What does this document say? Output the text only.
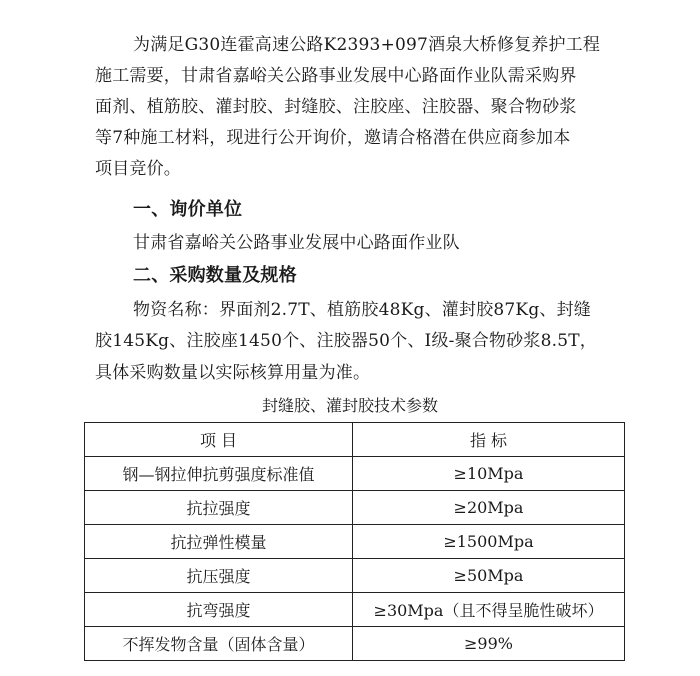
为满足G30连霍高速公路K2393+097酒泉大桥修复养护工程
施工需要，甘肃省嘉峪关公路事业发展中心路面作业队需采购界
面剂、植筋胶、灌封胶、封缝胶、注胶座、注胶器、聚合物砂浆
等7种施工材料，现进行公开询价，邀请合格潜在供应商参加本
项目竞价。
一、询价单位
甘肃省嘉峪关公路事业发展中心路面作业队
二、采购数量及规格
物资名称：界面剂2.7T、植筋胶48Kg、灌封胶87Kg、封缝
胶145Kg、注胶座1450个、注胶器50个、Ⅰ级-聚合物砂浆8.5T，
具体采购数量以实际核算用量为准。
封缝胶、灌封胶技术参数
项 目	指 标
钢—钢拉伸抗剪强度标准值	≥10Mpa
抗拉强度	≥20Mpa
抗拉弹性模量	≥1500Mpa
抗压强度	≥50Mpa
抗弯强度	≥30Mpa（且不得呈脆性破坏）
不挥发物含量（固体含量）	≥99%
